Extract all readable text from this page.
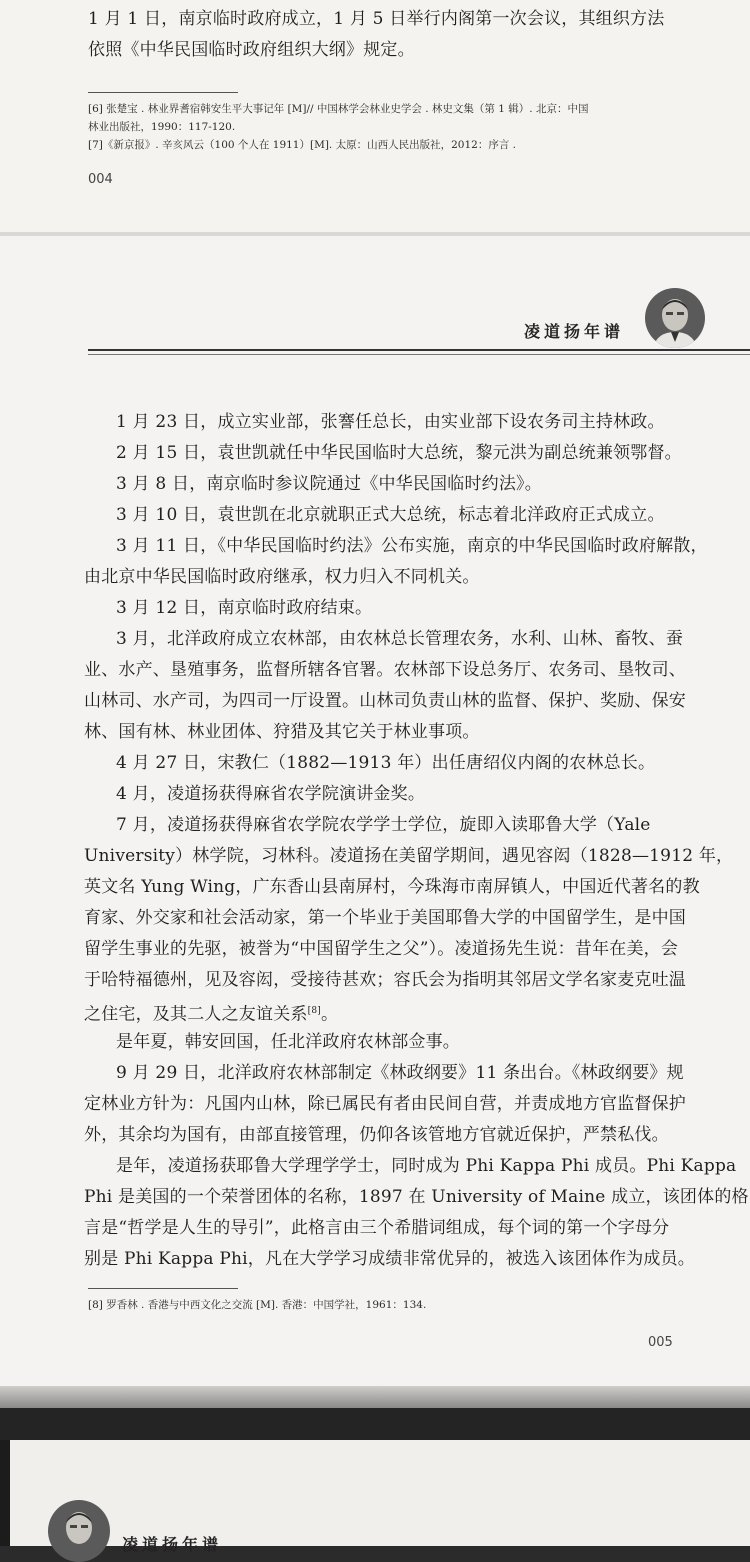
1 月 1 日，南京临时政府成立，1 月 5 日举行内阁第一次会议，其组织方法
依照《中华民国临时政府组织大纲》规定。
[6] 张楚宝 . 林业界耆宿韩安生平大事记年 [M]// 中国林学会林业史学会 . 林史文集（第 1 辑）. 北京：中国
林业出版社，1990：117-120.
[7]《新京报》. 辛亥风云（100 个人在 1911）[M]. 太原：山西人民出版社，2012：序言 .
004
凌道扬年谱
1 月 23 日，成立实业部，张謇任总长，由实业部下设农务司主持林政。
2 月 15 日，袁世凯就任中华民国临时大总统，黎元洪为副总统兼领鄂督。
3 月 8 日，南京临时参议院通过《中华民国临时约法》。
3 月 10 日，袁世凯在北京就职正式大总统，标志着北洋政府正式成立。
3 月 11 日，《中华民国临时约法》公布实施，南京的中华民国临时政府解散，
由北京中华民国临时政府继承，权力归入不同机关。
3 月 12 日，南京临时政府结束。
3 月，北洋政府成立农林部，由农林总长管理农务，水利、山林、畜牧、蚕
业、水产、垦殖事务，监督所辖各官署。农林部下设总务厅、农务司、垦牧司、
山林司、水产司，为四司一厅设置。山林司负责山林的监督、保护、奖励、保安
林、国有林、林业团体、狩猎及其它关于林业事项。
4 月 27 日，宋教仁（1882—1913 年）出任唐绍仪内阁的农林总长。
4 月，凌道扬获得麻省农学院演讲金奖。
7 月，凌道扬获得麻省农学院农学学士学位，旋即入读耶鲁大学（Yale
University）林学院，习林科。凌道扬在美留学期间，遇见容闳（1828—1912 年，
英文名 Yung Wing，广东香山县南屏村，今珠海市南屏镇人，中国近代著名的教
育家、外交家和社会活动家，第一个毕业于美国耶鲁大学的中国留学生，是中国
留学生事业的先驱，被誉为“中国留学生之父”）。凌道扬先生说：昔年在美，会
于哈特福德州，见及容闳，受接待甚欢；容氏会为指明其邻居文学名家麦克吐温
之住宅，及其二人之友谊关系[8]。
是年夏，韩安回国，任北洋政府农林部佥事。
9 月 29 日，北洋政府农林部制定《林政纲要》11 条出台。《林政纲要》规
定林业方针为：凡国内山林，除已属民有者由民间自营，并责成地方官监督保护
外，其余均为国有，由部直接管理，仍仰各该管地方官就近保护，严禁私伐。
是年，凌道扬获耶鲁大学理学学士，同时成为 Phi Kappa Phi 成员。Phi Kappa
Phi 是美国的一个荣誉团体的名称，1897 在 University of Maine 成立，该团体的格
言是“哲学是人生的导引”，此格言由三个希腊词组成，每个词的第一个字母分
别是 Phi Kappa Phi，凡在大学学习成绩非常优异的，被选入该团体作为成员。
[8] 罗香林 . 香港与中西文化之交流 [M]. 香港：中国学社，1961：134.
005
凌道扬年谱
